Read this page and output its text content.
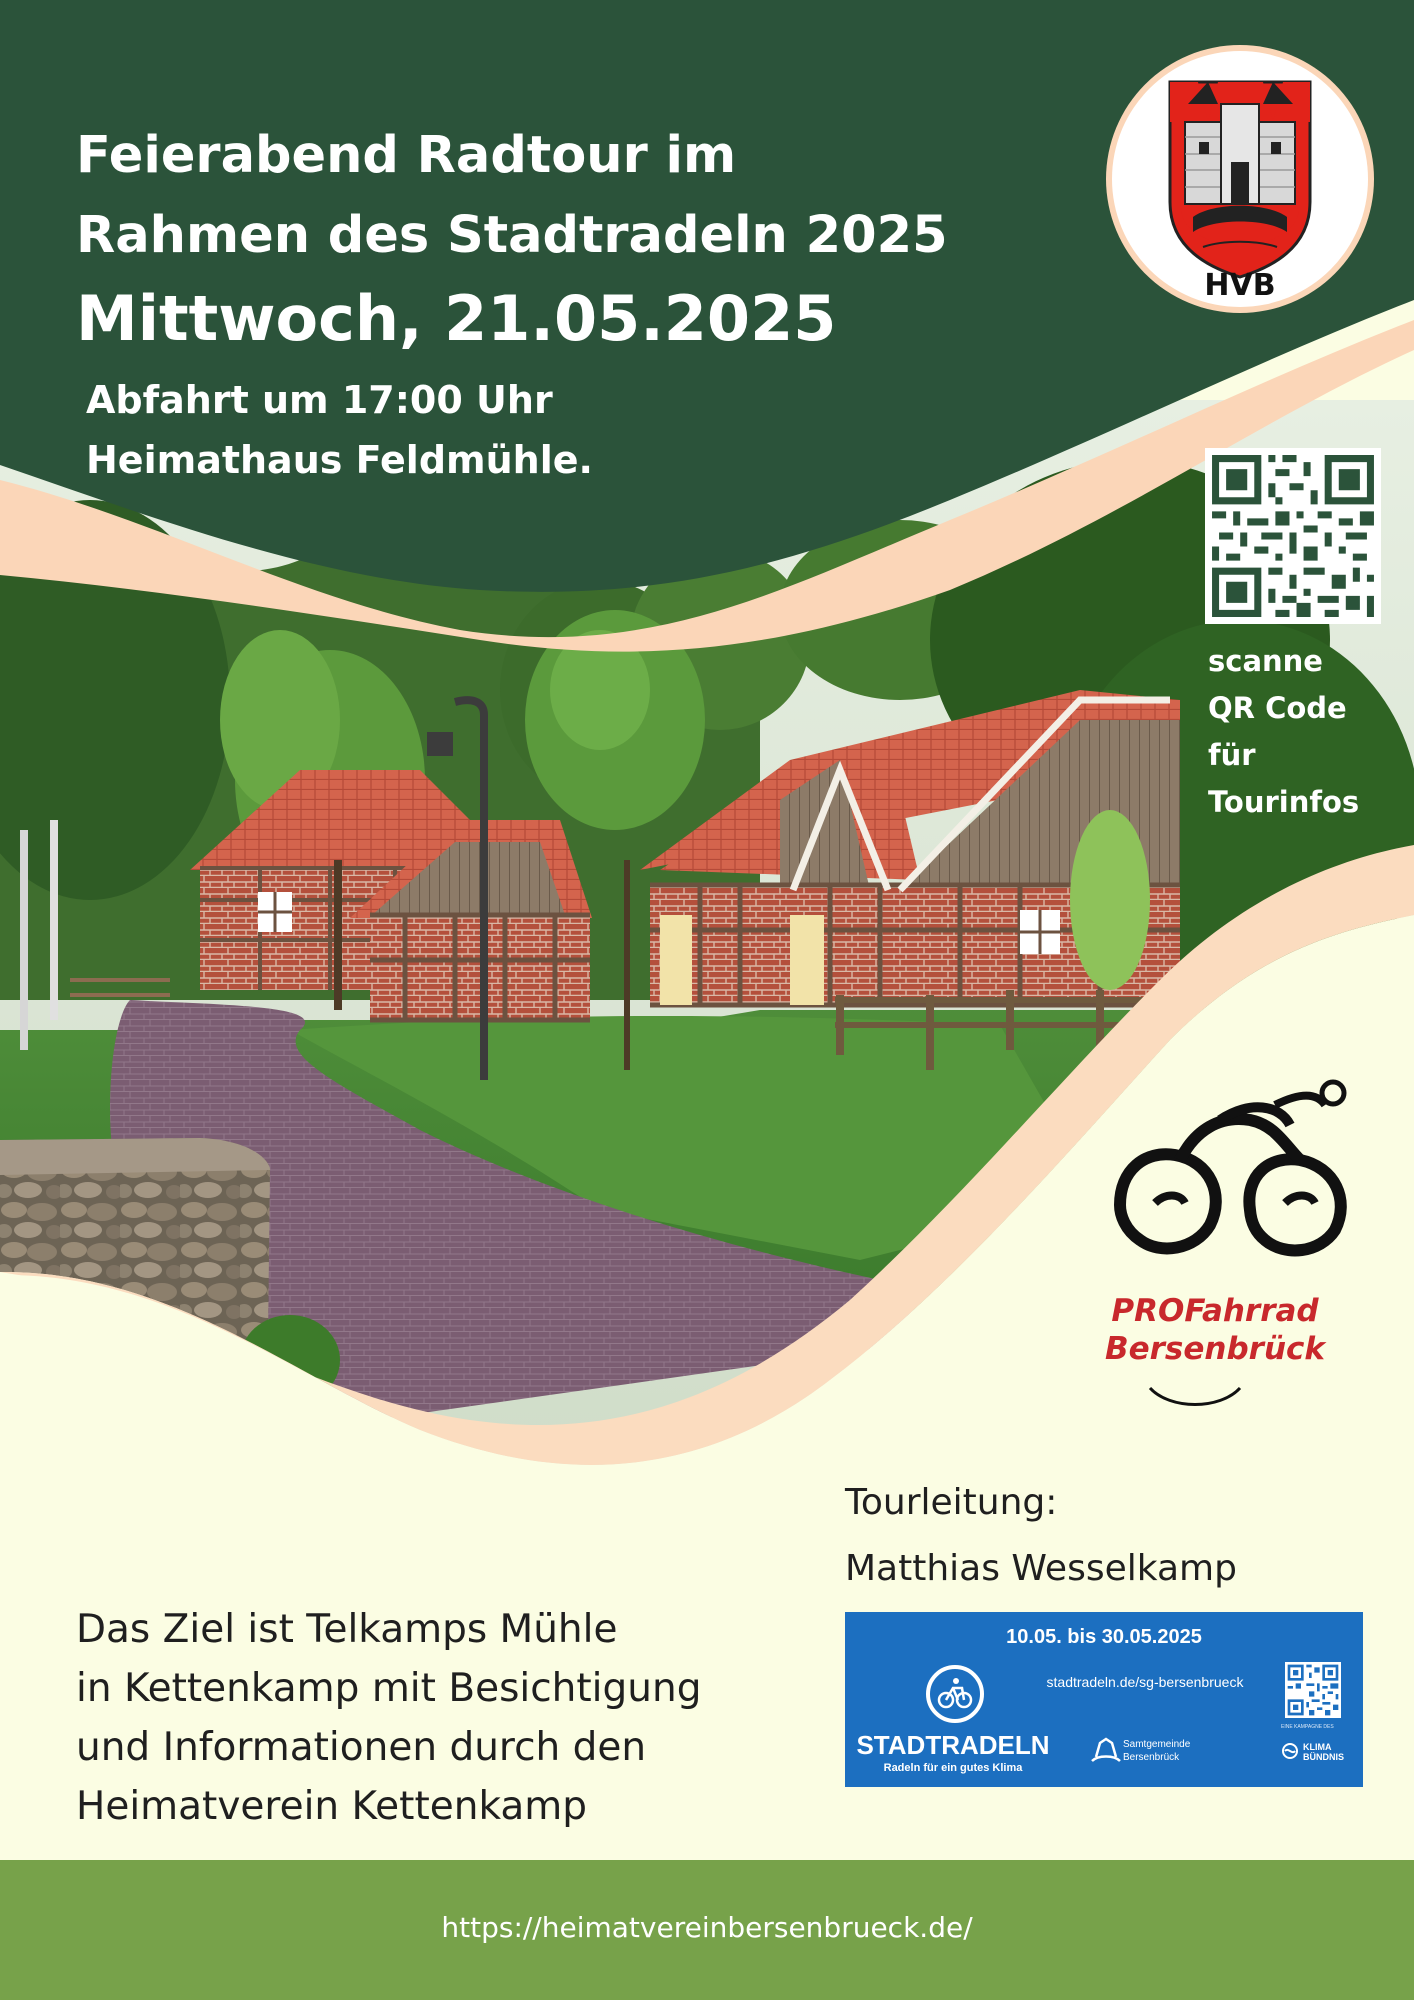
HVB
Feierabend Radtour im
Rahmen des Stadtradeln 2025
Mittwoch, 21.05.2025
Abfahrt um 17:00 Uhr
Heimathaus Feldmühle.
scanne
QR Code
für
Tourinfos
PROFahrrad
Bersenbrück
Tourleitung:
Matthias Wesselkamp
Das Ziel ist Telkamps Mühle
in Kettenkamp mit Besichtigung
und Informationen durch den
Heimatverein Kettenkamp
10.05. bis 30.05.2025
stadtradeln.de/sg-bersenbrueck
STADTRADELN
Radeln für ein gutes Klima
Samtgemeinde
Bersenbrück
EINE KAMPAGNE DES
KLIMA
BÜNDNIS
https://heimatvereinbersenbrueck.de/
